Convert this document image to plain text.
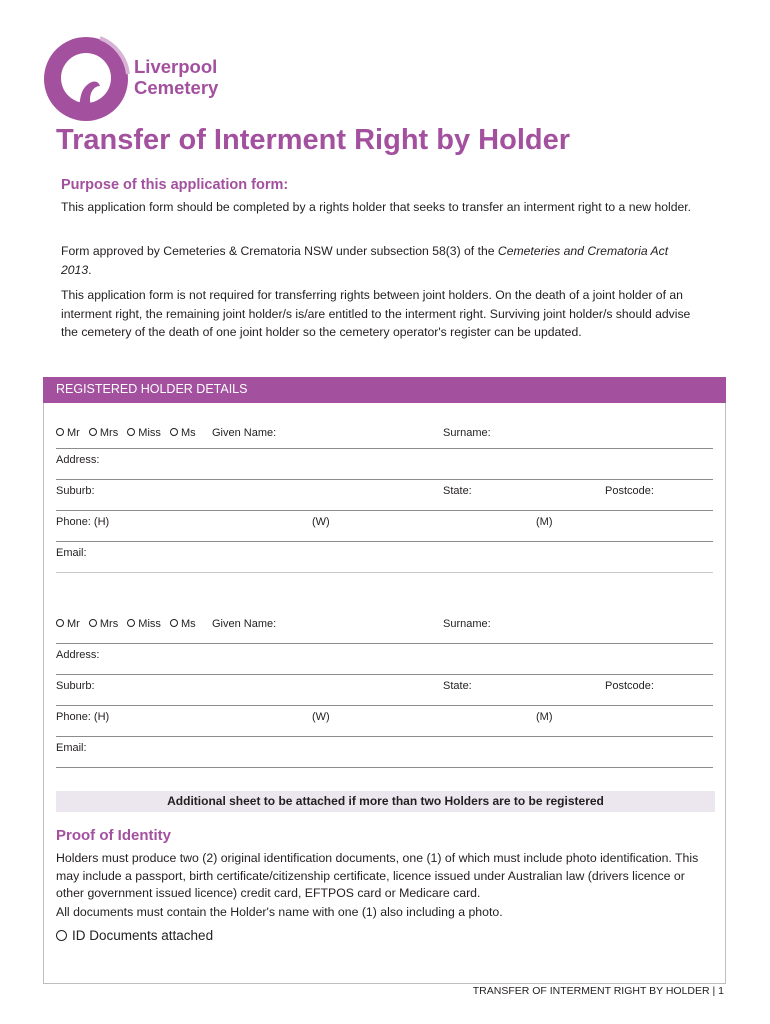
Liverpool
Cemetery
Transfer of Interment Right by Holder
Purpose of this application form:
This application form should be completed by a rights holder that seeks to transfer an interment right to a new holder.
Form approved by Cemeteries & Crematoria NSW under subsection 58(3) of the Cemeteries and Crematoria Act 2013.
This application form is not required for transferring rights between joint holders. On the death of a joint holder of an interment right, the remaining joint holder/s is/are entitled to the interment right. Surviving joint holder/s should advise the cemetery of the death of one joint holder so the cemetery operator's register can be updated.
REGISTERED HOLDER DETAILS
Mr Mrs Miss Ms	Given Name:	Surname:
Address:
Suburb:	State:	Postcode:
Phone: (H)	(W)	(M)
Email:
Mr Mrs Miss Ms	Given Name:	Surname:
Address:
Suburb:	State:	Postcode:
Phone: (H)	(W)	(M)
Email:
Additional sheet to be attached if more than two Holders are to be registered
Proof of Identity
Holders must produce two (2) original identification documents, one (1) of which must include photo identification. This may include a passport, birth certificate/citizenship certificate, licence issued under Australian law (drivers licence or other government issued licence) credit card, EFTPOS card or Medicare card.
All documents must contain the Holder's name with one (1) also including a photo.
ID Documents attached
TRANSFER OF INTERMENT RIGHT BY HOLDER | 1
